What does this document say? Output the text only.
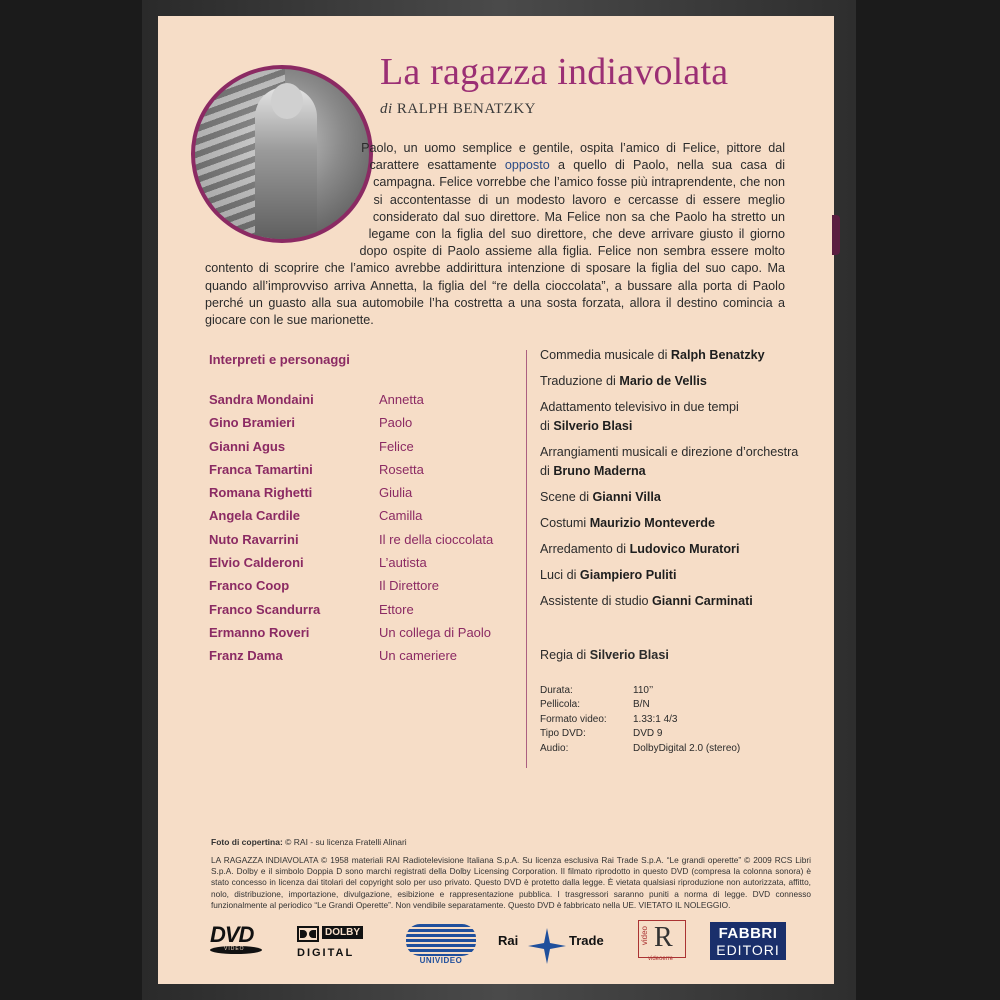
La ragazza indiavolata
di RALPH BENATZKY
Paolo, un uomo semplice e gentile, ospita l’amico di Felice, pittore dal carattere esattamente opposto a quello di Paolo, nella sua casa di campagna. Felice vorrebbe che l’amico fosse più intraprendente, che non si accontentasse di un modesto lavoro e cercasse di essere meglio considerato dal suo direttore. Ma Felice non sa che Paolo ha stretto un legame con la figlia del suo direttore, che deve arrivare giusto il giorno dopo ospite di Paolo assieme alla figlia. Felice non sembra essere molto contento di scoprire che l’amico avrebbe addirittura intenzione di sposare la figlia del suo capo. Ma quando all’improvviso arriva Annetta, la figlia del “re della cioccolata”, a bussare alla porta di Paolo perché un guasto alla sua automobile l’ha costretta a una sosta forzata, allora il destino comincia a giocare con le sue marionette.
Interpreti e personaggi
Sandra Mondaini	Annetta
Gino Bramieri	Paolo
Gianni Agus	Felice
Franca Tamartini	Rosetta
Romana Righetti	Giulia
Angela Cardile	Camilla
Nuto Ravarrini	Il re della cioccolata
Elvio Calderoni	L’autista
Franco Coop	Il Direttore
Franco Scandurra	Ettore
Ermanno Roveri	Un collega di Paolo
Franz Dama	Un cameriere
Commedia musicale di Ralph Benatzky
Traduzione di Mario de Vellis
Adattamento televisivo in due tempi
di Silverio Blasi
Arrangiamenti musicali e direzione d’orchestra
di Bruno Maderna
Scene di Gianni Villa
Costumi Maurizio Monteverde
Arredamento di Ludovico Muratori
Luci di Giampiero Puliti
Assistente di studio Gianni Carminati
Regia di Silverio Blasi
Durata:	110’’
Pellicola:	B/N
Formato video:	1.33:1 4/3
Tipo DVD:	DVD 9
Audio:	DolbyDigital 2.0 (stereo)
Foto di copertina: © RAI - su licenza Fratelli Alinari
LA RAGAZZA INDIAVOLATA © 1958 materiali RAI Radiotelevisione Italiana S.p.A. Su licenza esclusiva Rai Trade S.p.A. “Le grandi operette” © 2009 RCS Libri S.p.A. Dolby e il simbolo Doppia D sono marchi registrati della Dolby Licensing Corporation. Il filmato riprodotto in questo DVD (compresa la colonna sonora) è stato concesso in licenza dai titolari del copyright solo per uso privato. Questo DVD è protetto dalla legge. È vietata qualsiasi riproduzione non autorizzata, affitto, nolo, distribuzione, importazione, divulgazione, esibizione e rappresentazione pubblica. I trasgressori saranno puniti a norma di legge. DVD connesso funzionalmente al periodico “Le Grandi Operette”. Non vendibile separatamente. Questo DVD è fabbricato nella UE. VIETATO IL NOLEGGIO.
DVD
VIDEO
DOLBY
DIGITAL
UNIVIDEO
Rai	Trade	video R
videoerre
FABBRI
EDITORI
